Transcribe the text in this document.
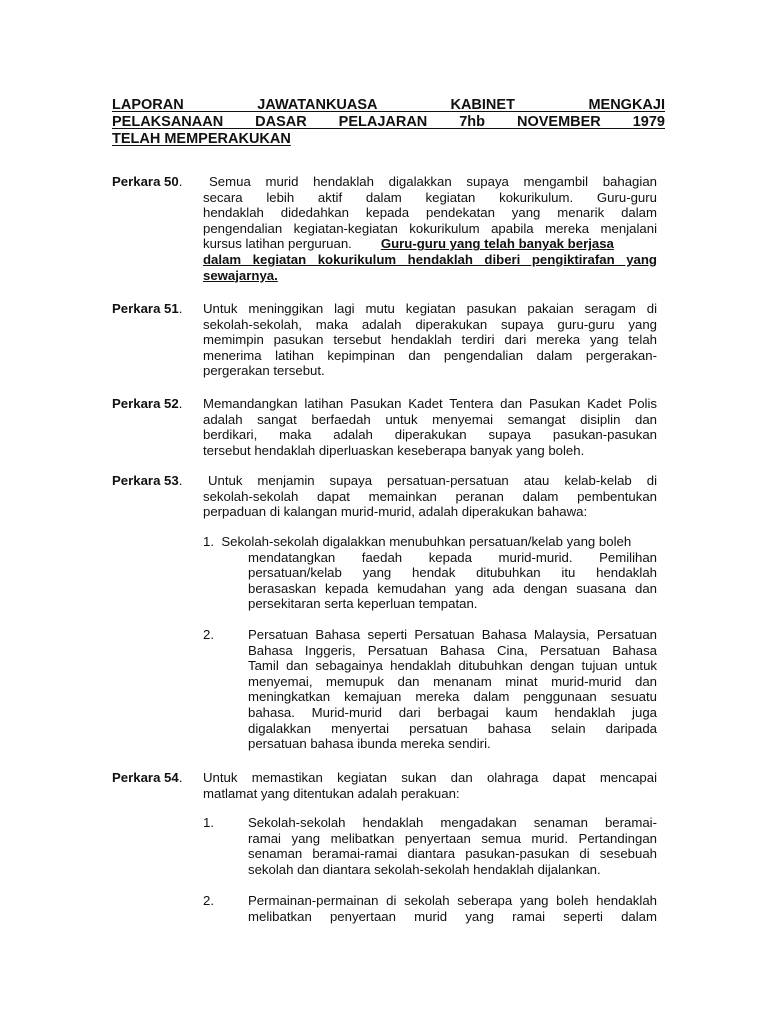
LAPORAN JAWATANKUASA KABINET MENGKAJI
PELAKSANAAN DASAR PELAJARAN 7hb NOVEMBER 1979
TELAH MEMPERAKUKAN
Perkara 50.	Semua murid hendaklah digalakkan supaya mengambil bahagian
secara lebih aktif dalam kegiatan kokurikulum. Guru-guru
hendaklah didedahkan kepada pendekatan yang menarik dalam
pengendalian kegiatan-kegiatan kokurikulum apabila mereka menjalani
kursus latihan perguruan. Guru-guru yang telah banyak berjasa
dalam kegiatan kokurikulum hendaklah diberi pengiktirafan yang
sewajarnya.
Perkara 51. Untuk meninggikan lagi mutu kegiatan pasukan pakaian seragam di
sekolah-sekolah, maka adalah diperakukan supaya guru-guru yang
memimpin pasukan tersebut hendaklah terdiri dari mereka yang telah
menerima latihan kepimpinan dan pengendalian dalam pergerakan-
pergerakan tersebut.
Perkara 52. Memandangkan latihan Pasukan Kadet Tentera dan Pasukan Kadet Polis
adalah sangat berfaedah untuk menyemai semangat disiplin dan
berdikari, maka adalah diperakukan supaya pasukan-pasukan
tersebut hendaklah diperluaskan keseberapa banyak yang boleh.
Perkara 53.	Untuk menjamin supaya persatuan-persatuan atau kelab-kelab di
sekolah-sekolah dapat memainkan peranan dalam pembentukan
perpaduan di kalangan murid-murid, adalah diperakukan bahawa:
1. Sekolah-sekolah digalakkan menubuhkan persatuan/kelab yang boleh
mendatangkan faedah kepada murid-murid. Pemilihan
persatuan/kelab yang hendak ditubuhkan itu hendaklah
berasaskan kepada kemudahan yang ada dengan suasana dan
persekitaran serta keperluan tempatan.
2.	Persatuan Bahasa seperti Persatuan Bahasa Malaysia, Persatuan
Bahasa Inggeris, Persatuan Bahasa Cina, Persatuan Bahasa
Tamil dan sebagainya hendaklah ditubuhkan dengan tujuan untuk
menyemai, memupuk dan menanam minat murid-murid dan
meningkatkan kemajuan mereka dalam penggunaan sesuatu
bahasa. Murid-murid dari berbagai kaum hendaklah juga
digalakkan menyertai persatuan bahasa selain daripada
persatuan bahasa ibunda mereka sendiri.
Perkara 54. Untuk memastikan kegiatan sukan dan olahraga dapat mencapai
matlamat yang ditentukan adalah perakuan:
1.	Sekolah-sekolah hendaklah mengadakan senaman beramai-
ramai yang melibatkan penyertaan semua murid. Pertandingan
senaman beramai-ramai diantara pasukan-pasukan di sesebuah
sekolah dan diantara sekolah-sekolah hendaklah dijalankan.
2.	Permainan-permainan di sekolah seberapa yang boleh hendaklah
melibatkan penyertaan murid yang ramai seperti dalam
